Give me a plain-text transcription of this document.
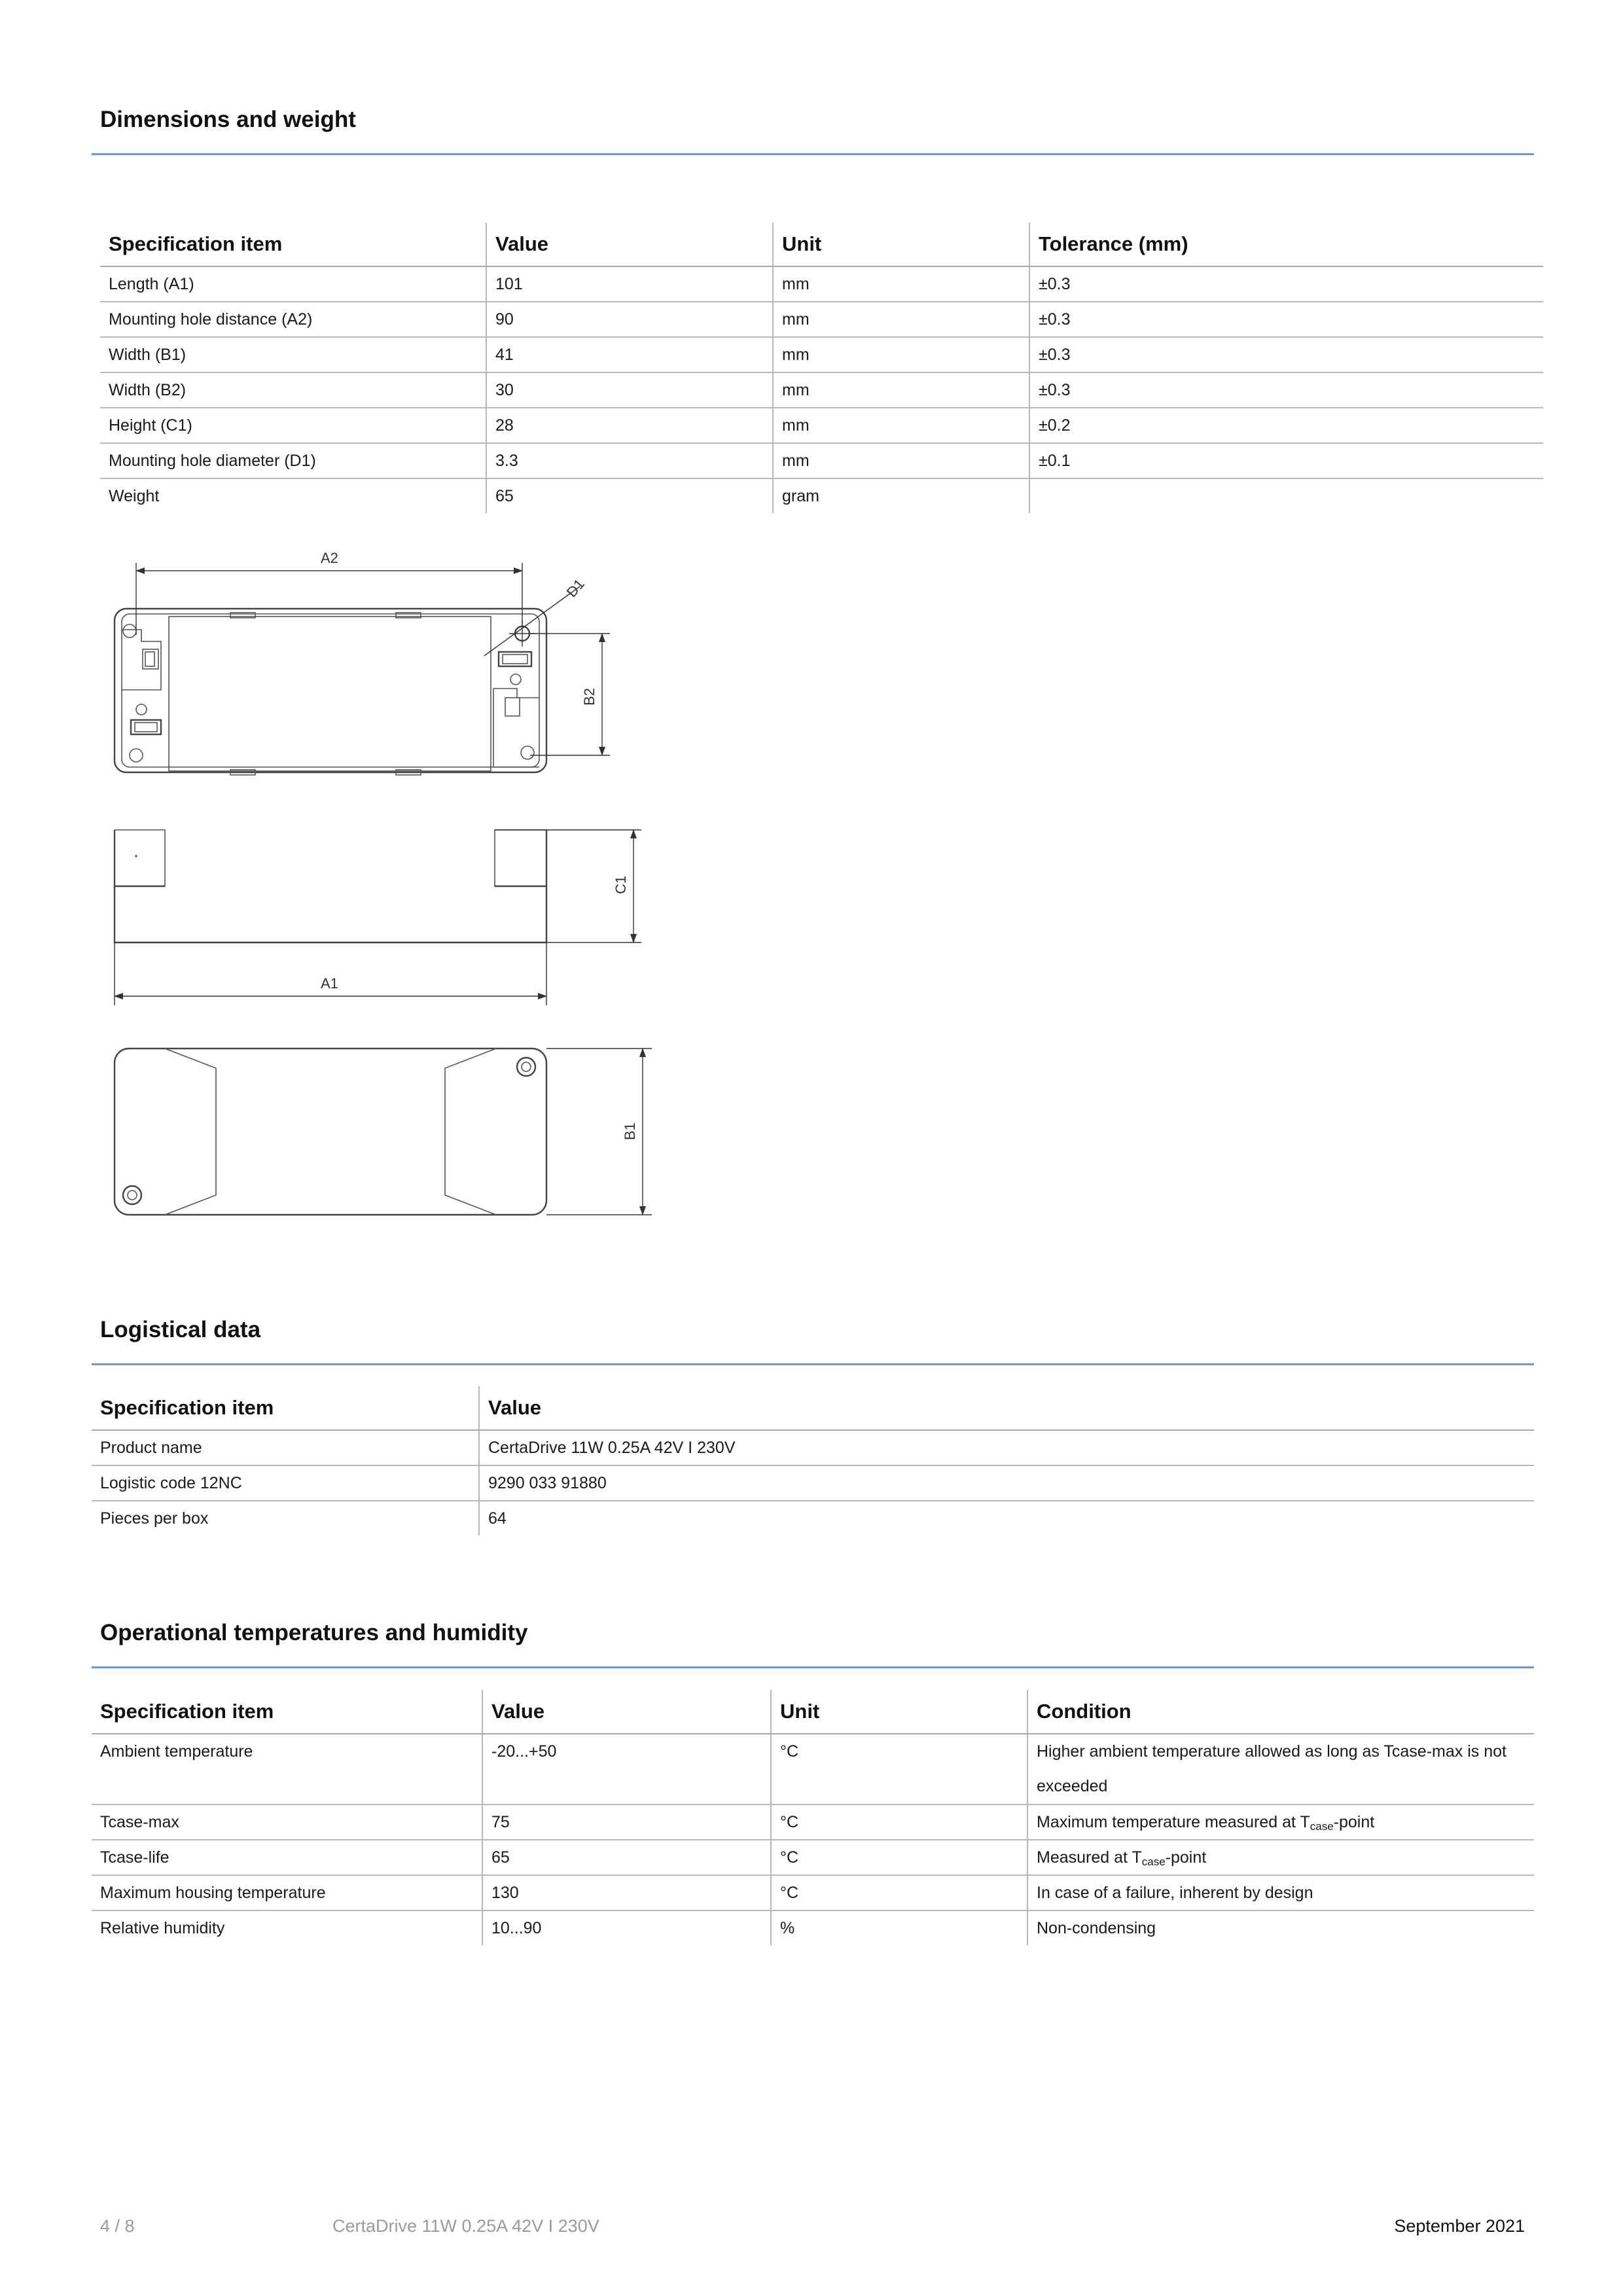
Dimensions and weight
Specification item	Value	Unit	Tolerance (mm)
Length (A1)	101	mm	±0.3
Mounting hole distance (A2)	90	mm	±0.3
Width (B1)	41	mm	±0.3
Width (B2)	30	mm	±0.3
Height (C1)	28	mm	±0.2
Mounting hole diameter (D1)	3.3	mm	±0.1
Weight	65	gram	
D1
A2
B2
C1
A1
B1
Logistical data
Specification item	Value
Product name	CertaDrive 11W 0.25A 42V I 230V
Logistic code 12NC	9290 033 91880
Pieces per box	64
Operational temperatures and humidity
Specification item	Value	Unit	Condition
Ambient temperature	-20...+50	°C	Higher ambient temperature allowed as long as Tcase-max is not exceeded
Tcase-max	75	°C	Maximum temperature measured at $T_{case}$-point
Tcase-life	65	°C	Measured at $T_{case}$-point
Maximum housing temperature	130	°C	In case of a failure, inherent by design
Relative humidity	10...90	%	Non-condensing
4 / 8	CertaDrive 11W 0.25A 42V I 230V	September 2021
